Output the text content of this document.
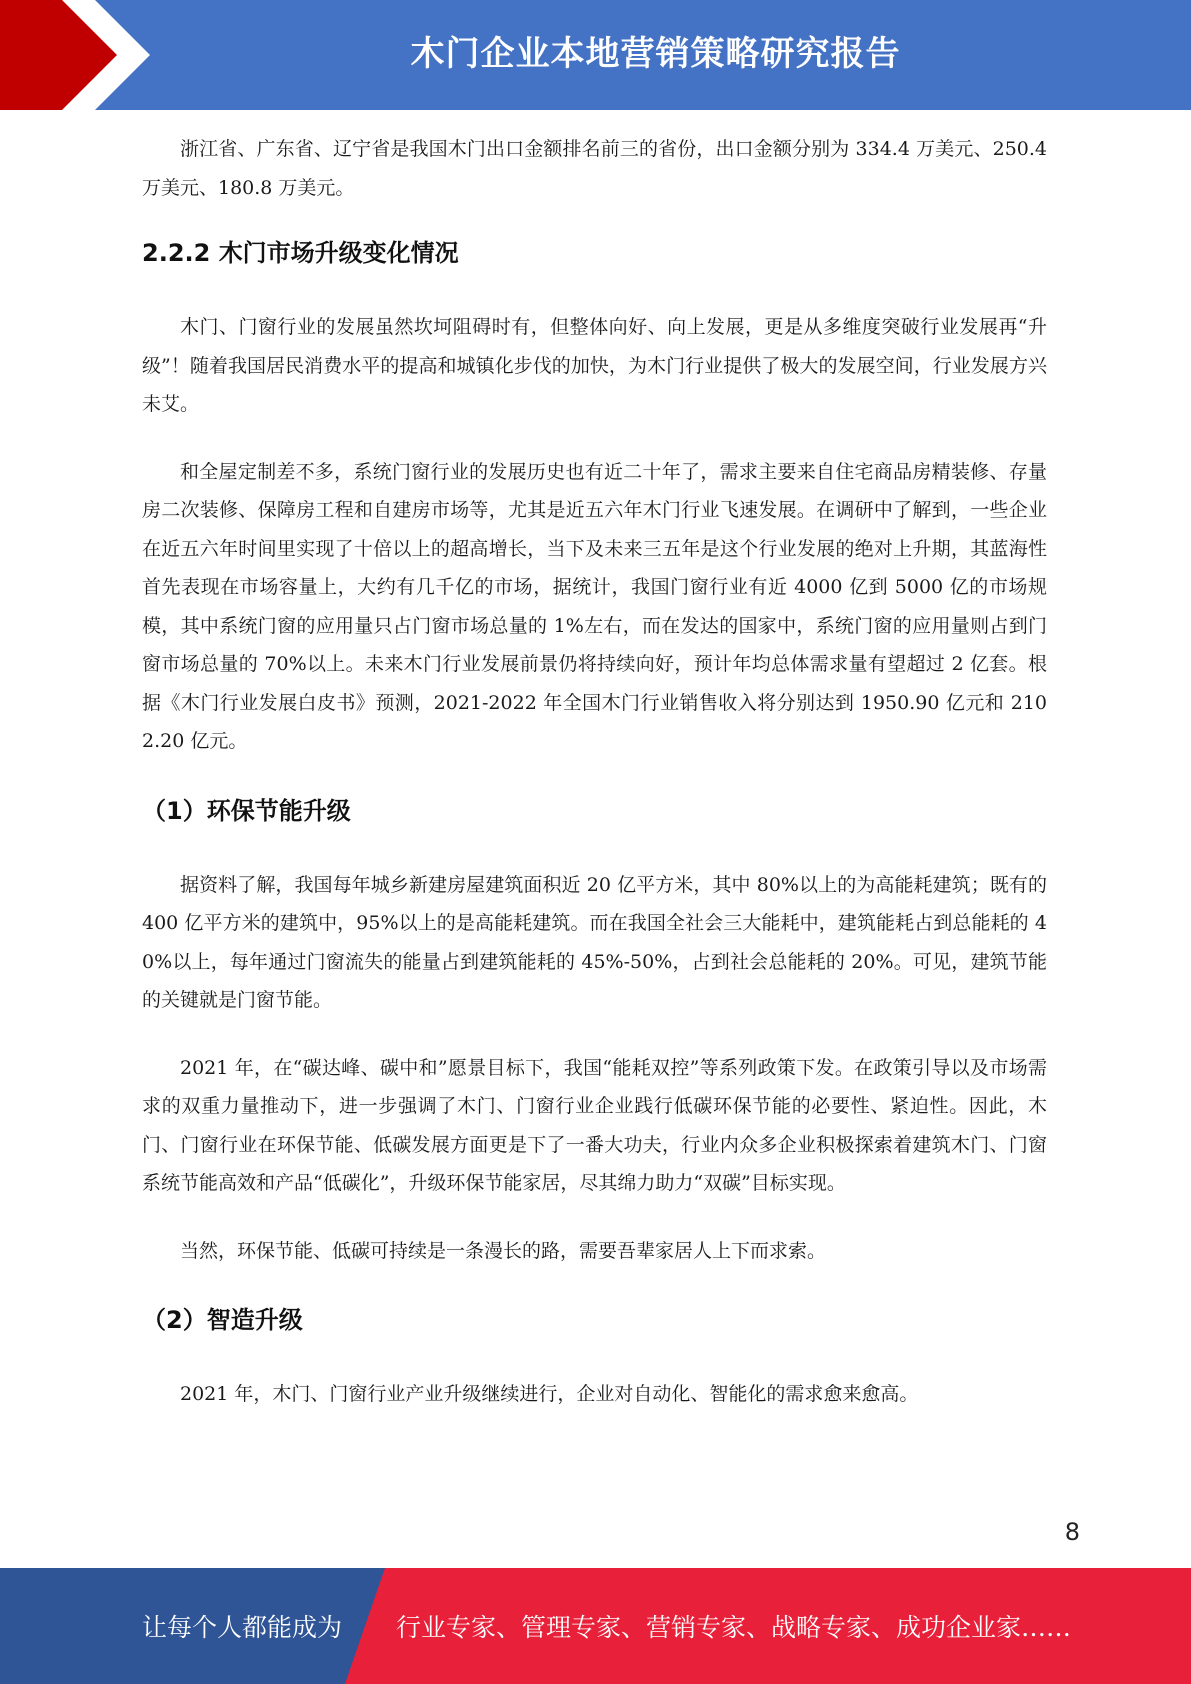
木门企业本地营销策略研究报告

浙江省、广东省、辽宁省是我国木门出口金额排名前三的省份，出口金额分别为 334.4 万美元、250.4 万美元、180.8 万美元。

2.2.2 木门市场升级变化情况

木门、门窗行业的发展虽然坎坷阻碍时有，但整体向好、向上发展，更是从多维度突破行业发展再“升级”！随着我国居民消费水平的提高和城镇化步伐的加快，为木门行业提供了极大的发展空间，行业发展方兴未艾。

和全屋定制差不多，系统门窗行业的发展历史也有近二十年了，需求主要来自住宅商品房精装修、存量房二次装修、保障房工程和自建房市场等，尤其是近五六年木门行业飞速发展。在调研中了解到，一些企业在近五六年时间里实现了十倍以上的超高增长，当下及未来三五年是这个行业发展的绝对上升期，其蓝海性首先表现在市场容量上，大约有几千亿的市场，据统计，我国门窗行业有近 4000 亿到 5000 亿的市场规模，其中系统门窗的应用量只占门窗市场总量的 1%左右，而在发达的国家中，系统门窗的应用量则占到门窗市场总量的 70%以上。未来木门行业发展前景仍将持续向好，预计年均总体需求量有望超过 2 亿套。根据《木门行业发展白皮书》预测，2021-2022 年全国木门行业销售收入将分别达到 1950.90 亿元和 2102.20 亿元。

（1）环保节能升级

据资料了解，我国每年城乡新建房屋建筑面积近 20 亿平方米，其中 80%以上的为高能耗建筑；既有的 400 亿平方米的建筑中，95%以上的是高能耗建筑。而在我国全社会三大能耗中，建筑能耗占到总能耗的 40%以上，每年通过门窗流失的能量占到建筑能耗的 45%-50%，占到社会总能耗的 20%。可见，建筑节能的关键就是门窗节能。

2021 年，在“碳达峰、碳中和”愿景目标下，我国“能耗双控”等系列政策下发。在政策引导以及市场需求的双重力量推动下，进一步强调了木门、门窗行业企业践行低碳环保节能的必要性、紧迫性。因此，木门、门窗行业在环保节能、低碳发展方面更是下了一番大功夫，行业内众多企业积极探索着建筑木门、门窗系统节能高效和产品“低碳化”，升级环保节能家居，尽其绵力助力“双碳”目标实现。

当然，环保节能、低碳可持续是一条漫长的路，需要吾辈家居人上下而求索。

（2）智造升级

2021 年，木门、门窗行业产业升级继续进行，企业对自动化、智能化的需求愈来愈高。

8
让每个人都能成为 行业专家、管理专家、营销专家、战略专家、成功企业家……
